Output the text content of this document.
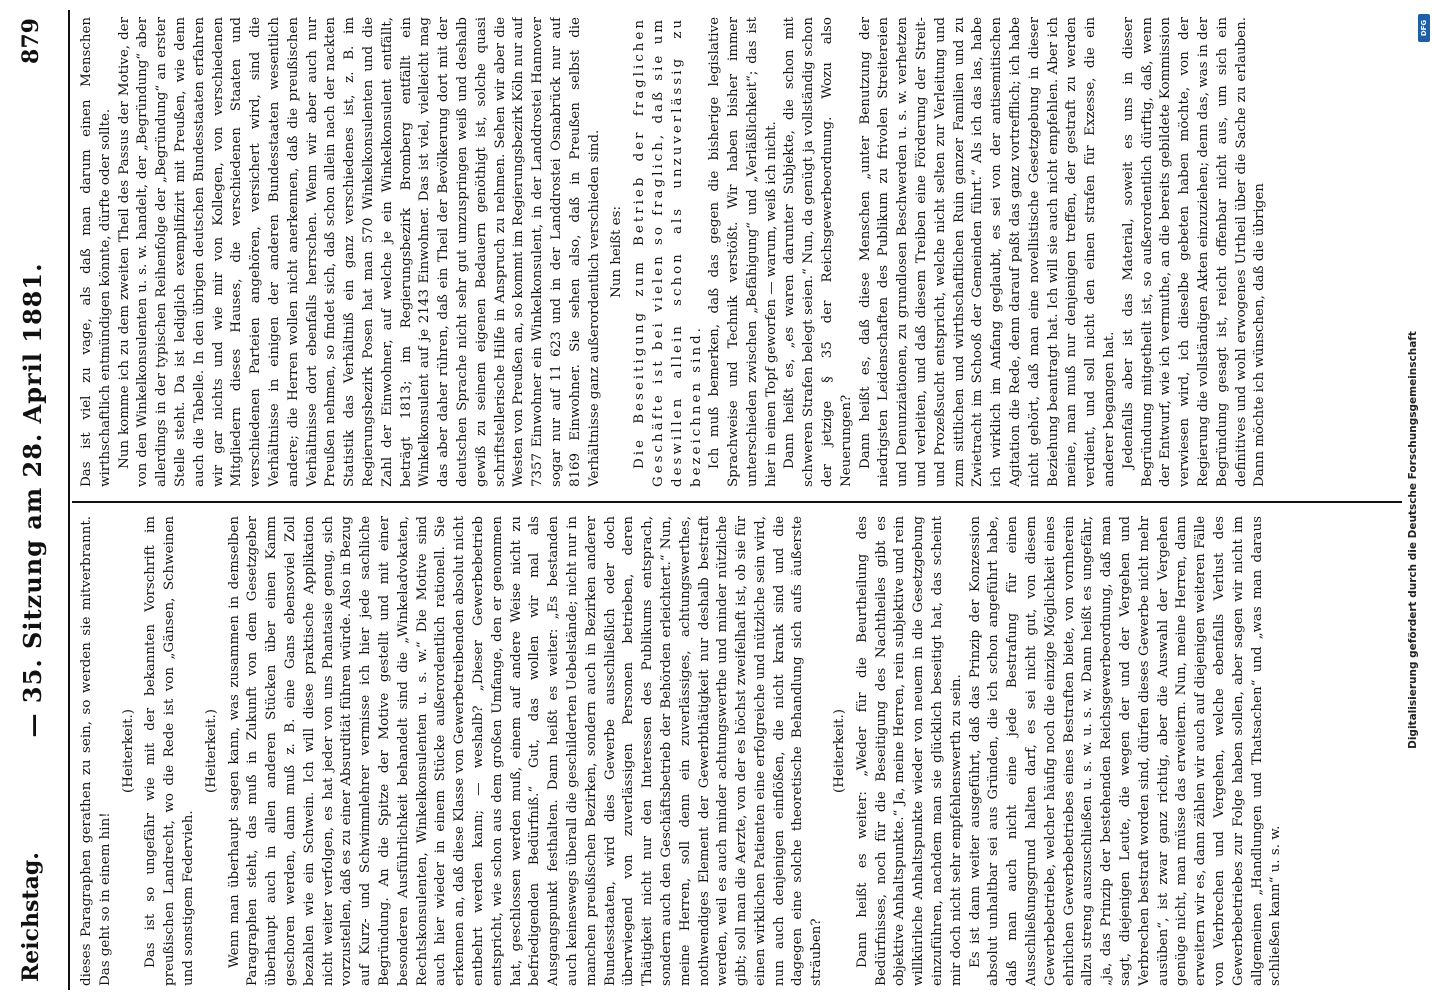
Reichstag.
— 35. Sitzung am 28. April 1881.
879

dieses Paragraphen gerathen zu sein, so werden sie mitverbrannt. Das geht so in einem hin!

(Heiterkeit.) Das ist so ungefähr wie mit der bekannten Vorschrift im preußischen Landrecht, wo die Rede ist von „Gänsen, Schweinen und sonstigem Federvieh.

(Heiterkeit.) Wenn man überhaupt sagen kann, was zusammen in demselben Paragraphen steht, das muß in Zukunft von dem Gesetzgeber überhaupt auch in allen anderen Stücken über einen Kamm geschoren werden, dann muß z. B. eine Gans ebensoviel Zoll bezahlen wie ein Schwein. Ich will diese praktische Applikation nicht weiter verfolgen, es hat jeder von uns Phantasie genug, sich vorzustellen, daß es zu einer Absurdität führen würde. Also in Bezug auf Kurz- und Schwimmlehrer vermisse ich hier jede sachliche Begründung. An die Spitze der Motive gestellt und mit einer besonderen Ausführlichkeit behandelt sind die „Winkeladvokaten, Rechtskonsulenten, Winkelkonsulenten u. s. w.“ Die Motive sind auch hier wieder in einem Stücke außerordentlich rationell. Sie erkennen an, daß diese Klasse von Gewerbetreibenden absolut nicht entbehrt werden kann; — weshalb? „Dieser Gewerbebetrieb entspricht, wie schon aus dem großen Umfange, den er genommen hat, geschlossen werden muß, einem auf andere Weise nicht zu befriedigenden Bedürfniß.“ Gut, das wollen wir mal als Ausgangspunkt festhalten. Dann heißt es weiter: „Es bestanden auch keineswegs überall die geschilderten Uebelstände; nicht nur in manchen preußischen Bezirken, sondern auch in Bezirken anderer Bundesstaaten, wird dies Gewerbe ausschließlich oder doch überwiegend von zuverlässigen Personen betrieben, deren Thätigkeit nicht nur den Interessen des Publikums entsprach, sondern auch den Geschäftsbetrieb der Behörden erleichtert.“ Nun, meine Herren, soll denn ein zuverlässiges, achtungswerthes, nothwendiges Element der Gewerbthätigkeit nur deshalb bestraft werden, weil es auch minder achtungswerthe und minder nützliche gibt; soll man die Aerzte, von der es höchst zweifelhaft ist, ob sie für einen wirklichen Patienten eine erfolgreiche und nützliche sein wird, nun auch denjenigen einflößen, die nicht krank sind und die dagegen eine solche theoretische Behandlung sich aufs äußerste sträuben?

(Heiterkeit.) Dann heißt es weiter: „Weder für die Beurtheilung des Bedürfnisses, noch für die Beseitigung des Nachtheiles gibt es objektive Anhaltspunkte.“ Ja, meine Herren, rein subjektive und rein willkürliche Anhaltspunkte wieder von neuem in die Gesetzgebung einzuführen, nachdem man sie glücklich beseitigt hat, das scheint mir doch nicht sehr empfehlenswerth zu sein. Es ist dann weiter ausgeführt, daß das Prinzip der Konzession absolut unhaltbar sei aus Gründen, die ich schon angeführt habe, daß man auch nicht eine jede Bestrafung für einen Ausschließungsgrund halten darf, es sei nicht gut, von diesem Gewerbebetriebe, welcher häufig noch die einzige Möglichkeit eines ehrlichen Gewerbebetriebes eines Bestraften biete, von vornherein allzu streng auszuschließen u. s. w. u. s. w. Dann heißt es ungefähr, „ja, das Prinzip der bestehenden Reichsgewerbeordnung, daß man sagt, diejenigen Leute, die wegen der und der Vergehen und Verbrechen bestraft worden sind, dürfen dieses Gewerbe nicht mehr ausüben“, ist zwar ganz richtig, aber die Auswahl der Vergehen genüge nicht, man müsse das erweitern. Nun, meine Herren, dann erweitern wir es, dann zählen wir auch auf diejenigen weiteren Fälle von Verbrechen und Vergehen, welche ebenfalls Verlust des Gewerbebetriebes zur Folge haben sollen, aber sagen wir nicht im allgemeinen „Handlungen und Thatsachen“ und „was man daraus schließen kann“ u. s. w.

Das ist viel zu vage, als daß man darum einen Menschen wirthschaftlich entmündigen könnte, dürfte oder sollte. Nun komme ich zu dem zweiten Theil des Passus der Motive, der von den Winkelkonsulenten u. s. w. handelt, der „Begründung“ aber allerdings in der typischen Reihenfolge der „Begründung“ an erster Stelle steht. Da ist lediglich exemplifizirt mit Preußen, wie denn auch die Tabelle. In den übrigen deutschen Bundesstaaten erfahren wir gar nichts und wie mir von Kollegen, von verschiedenen Mitgliedern dieses Hauses, die verschiedenen Staaten und verschiedenen Parteien angehören, versichert wird, sind die Verhältnisse in einigen der anderen Bundesstaaten wesentlich andere; die Herren wollen nicht anerkennen, daß die preußischen Verhältnisse dort ebenfalls herrschen. Wenn wir aber auch nur Preußen nehmen, so findet sich, daß schon allein nach der nackten Statistik das Verhältniß ein ganz verschiedenes ist, z. B. im Regierungsbezirk Posen hat man 570 Winkelkonsulenten und die Zahl der Einwohner, auf welche je ein Winkelkonsulent entfällt, beträgt 1813; im Regierungsbezirk Bromberg entfällt ein Winkelkonsulent auf je 2143 Einwohner. Das ist viel, vielleicht mag das aber daher rühren, daß ein Theil der Bevölkerung dort mit der deutschen Sprache nicht sehr gut umzuspringen weiß und deshalb gewiß zu seinem eigenen Bedauern genöthigt ist, solche quasi schriftstellerische Hilfe in Anspruch zu nehmen. Sehen wir aber die Westen von Preußen an, so kommt im Regierungsbezirk Köln nur auf 7357 Einwohner ein Winkelkonsulent, in der Landdrostei Hannover sogar nur auf 11 623 und in der Landdrostei Osnabrück nur auf 8169 Einwohner. Sie sehen also, daß in Preußen selbst die Verhältnisse ganz außerordentlich verschieden sind. Nun heißt es: Die Beseitigung zum Betrieb der fraglichen Geschäfte ist bei vielen so fraglich, daß sie um deswillen allein schon als unzuverlässig zu bezeichnen sind. Ich muß bemerken, daß das gegen die bisherige legislative Sprachweise und Technik verstößt. Wir haben bisher immer unterschieden zwischen „Befähigung“ und „Verläßlichkeit“; das ist hier in einen Topf geworfen — warum, weiß ich nicht. Dann heißt es, „es waren darunter Subjekte, die schon mit schweren Strafen belegt seien.“ Nun, da genügt ja vollständig schon der jetzige § 35 der Reichsgewerbeordnung. Wozu also Neuerungen? Dann heißt es, daß diese Menschen „unter Benutzung der niedrigsten Leidenschaften des Publikum zu frivolen Streitereien und Denunziationen, zu grundlosen Beschwerden u. s. w. verhetzen und verleiten, und daß diesem Treiben eine Förderung der Streit- und Prozeßsucht entspricht, welche nicht selten zur Verleitung und zum sittlichen und wirthschaftlichen Ruin ganzer Familien und zu Zwietracht im Schooß der Gemeinden führt.“ Als ich das las, habe ich wirklich im Anfang geglaubt, es sei von der antisemitischen Agitation die Rede, denn darauf paßt das ganz vortrefflich; ich habe nicht gehört, daß man eine novellistische Gesetzgebung in dieser Beziehung beantragt hat. Ich will sie auch nicht empfehlen. Aber ich meine, man muß nur denjenigen treffen, der gestraft zu werden verdient, und soll nicht den einen strafen für Exzesse, die ein anderer begangen hat. Jedenfalls aber ist das Material, soweit es uns in dieser Begründung mitgetheilt ist, so außerordentlich dürftig, daß, wenn der Entwurf, wie ich vermuthe, an die bereits gebildete Kommission verwiesen wird, ich dieselbe gebeten haben möchte, von der Regierung die vollständigen Akten einzuziehen; denn das, was in der Begründung gesagt ist, reicht offenbar nicht aus, um sich ein definitives und wohl erwogenes Urtheil über die Sache zu erlauben. Dann möchte ich wünschen, daß die übrigen	Digitalisierung gefördert durch die Deutsche Forschungsgemeinschaft
DFG
